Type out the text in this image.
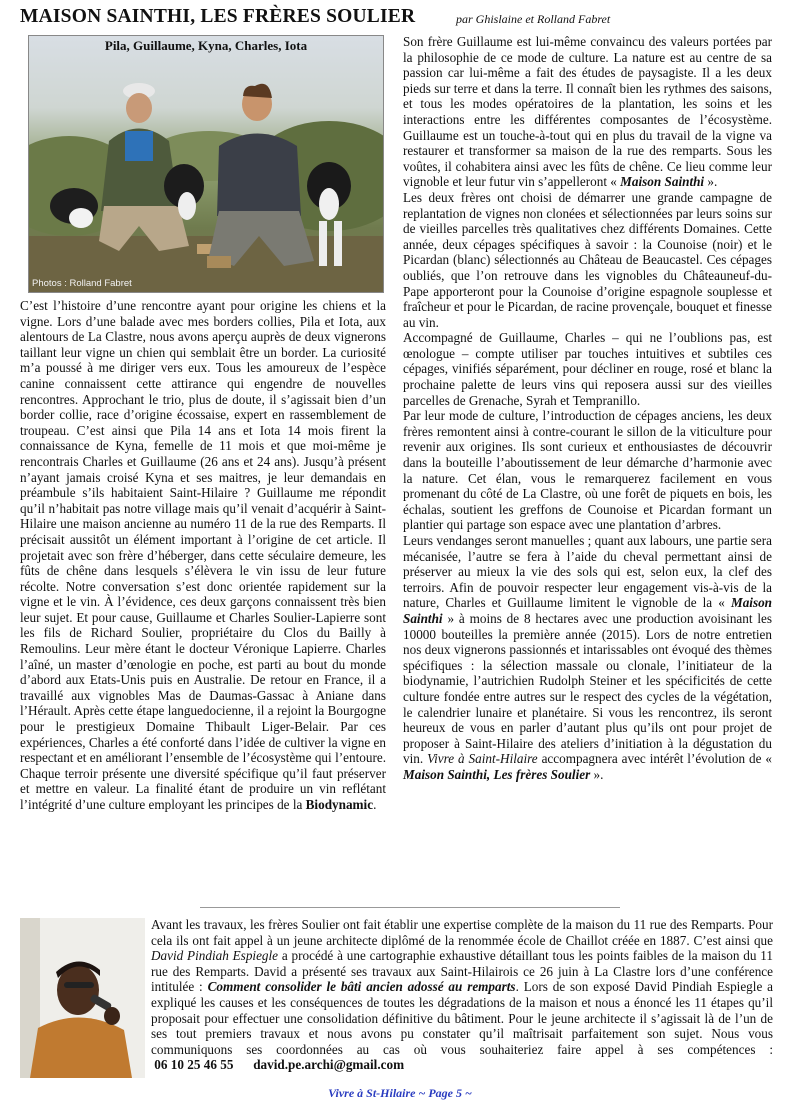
MAISON SAINTHI, LES FRÈRES SOULIER	par Ghislaine et Rolland Fabret
Pila, Guillaume, Kyna, Charles, Iota
Photos : Rolland Fabret

C’est l’histoire d’une rencontre ayant pour origine les chiens et la vigne. Lors d’une balade avec mes borders collies, Pila et Iota, aux alentours de La Clastre, nous avons aperçu auprès de deux vignerons taillant leur vigne un chien qui semblait être un border. La curiosité m’a poussé à me diriger vers eux. Tous les amoureux de l’espèce canine connaissent cette attirance qui engendre de nouvelles rencontres. Approchant le trio, plus de doute, il s’agissait bien d’un border collie, race d’origine écossaise, expert en rassemblement de troupeau. C’est ainsi que Pila 14 ans et Iota 14 mois firent la connaissance de Kyna, femelle de 11 mois et que moi-même je rencontrais Charles et Guillaume (26 ans et 24 ans). Jusqu’à présent n’ayant jamais croisé Kyna et ses maitres, je leur demandais en préambule s’ils habitaient Saint-Hilaire ? Guillaume me répondit qu’il n’habitait pas notre village mais qu’il venait d’acquérir à Saint-Hilaire une maison ancienne au numéro 11 de la rue des Remparts. Il précisait aussitôt un élément important à l’origine de cet article. Il projetait avec son frère d’héberger, dans cette séculaire demeure, les fûts de chêne dans lesquels s’élèvera le vin issu de leur future récolte. Notre conversation s’est donc orientée rapidement sur la vigne et le vin. À l’évidence, ces deux garçons connaissent très bien leur sujet. Et pour cause, Guillaume et Charles Soulier-Lapierre sont les fils de Richard Soulier, propriétaire du Clos du Bailly à Remoulins. Leur mère étant le docteur Véronique Lapierre. Charles l’aîné, un master d’œnologie en poche, est parti au bout du monde d’abord aux Etats-Unis puis en Australie. De retour en France, il a travaillé aux vignobles Mas de Daumas-Gassac à Aniane dans l’Hérault. Après cette étape languedocienne, il a rejoint la Bourgogne pour le prestigieux Domaine Thibault Liger-Belair. Par ces expériences, Charles a été conforté dans l’idée de cultiver la vigne en respectant et en améliorant l’ensemble de l’écosystème qui l’entoure. Chaque terroir présente une diversité spécifique qu’il faut préserver et mettre en valeur. La finalité étant de produire un vin reflétant l’intégrité d’une culture employant les principes de la Biodynamic.

Son frère Guillaume est lui-même convaincu des valeurs portées par la philosophie de ce mode de culture. La nature est au centre de sa passion car lui-même a fait des études de paysagiste. Il a les deux pieds sur terre et dans la terre. Il connaît bien les rythmes des saisons, et tous les modes opératoires de la plantation, les soins et les interactions entre les différentes composantes de l’écosystème. Guillaume est un touche-à-tout qui en plus du travail de la vigne va restaurer et transformer sa maison de la rue des remparts. Sous les voûtes, il cohabitera ainsi avec les fûts de chêne. Ce lieu comme leur vignoble et leur futur vin s’appelleront « Maison Sainthi ».

Les deux frères ont choisi de démarrer une grande campagne de replantation de vignes non clonées et sélectionnées par leurs soins sur de vieilles parcelles très qualitatives chez différents Domaines. Cette année, deux cépages spécifiques à savoir : la Counoise (noir) et le Picardan (blanc) sélectionnés au Château de Beaucastel. Ces cépages oubliés, que l’on retrouve dans les vignobles du Châteauneuf-du-Pape apporteront pour la Counoise d’origine espagnole souplesse et fraîcheur et pour le Picardan, de racine provençale, bouquet et finesse au vin.

Accompagné de Guillaume, Charles – qui ne l’oublions pas, est œnologue – compte utiliser par touches intuitives et subtiles ces cépages, vinifiés séparément, pour décliner en rouge, rosé et blanc la prochaine palette de leurs vins qui reposera aussi sur des vieilles parcelles de Grenache, Syrah et Tempranillo.

Par leur mode de culture, l’introduction de cépages anciens, les deux frères remontent ainsi à contre-courant le sillon de la viticulture pour revenir aux origines. Ils sont curieux et enthousiastes de découvrir dans la bouteille l’aboutissement de leur démarche d’harmonie avec la nature. Cet élan, vous le remarquerez facilement en vous promenant du côté de La Clastre, où une forêt de piquets en bois, les échalas, soutient les greffons de Counoise et Picardan formant un plantier qui partage son espace avec une plantation d’arbres.

Leurs vendanges seront manuelles ; quant aux labours, une partie sera mécanisée, l’autre se fera à l’aide du cheval permettant ainsi de préserver au mieux la vie des sols qui est, selon eux, la clef des terroirs. Afin de pouvoir respecter leur engagement vis-à-vis de la nature, Charles et Guillaume limitent le vignoble de la « Maison Sainthi » à moins de 8 hectares avec une production avoisinant les 10000 bouteilles la première année (2015). Lors de notre entretien nos deux vignerons passionnés et intarissables ont évoqué des thèmes spécifiques : la sélection massale ou clonale, l’initiateur de la biodynamie, l’autrichien Rudolph Steiner et les spécificités de cette culture fondée entre autres sur le respect des cycles de la végétation, le calendrier lunaire et planétaire. Si vous les rencontrez, ils seront heureux de vous en parler d’autant plus qu’ils ont pour projet de proposer à Saint-Hilaire des ateliers d’initiation à la dégustation du vin. Vivre à Saint-Hilaire accompagnera avec intérêt l’évolution de « Maison Sainthi, Les frères Soulier ».

Avant les travaux, les frères Soulier ont fait établir une expertise complète de la maison du 11 rue des Remparts. Pour cela ils ont fait appel à un jeune architecte diplômé de la renommée école de Chaillot créée en 1887. C’est ainsi que David Pindiah Espiegle a procédé à une cartographie exhaustive détaillant tous les points faibles de la maison du 11 rue des Remparts. David a présenté ses travaux aux Saint-Hilairois ce 26 juin à La Clastre lors d’une conférence intitulée : Comment consolider le bâti ancien adossé au remparts. Lors de son exposé David Pindiah Espiegle a expliqué les causes et les conséquences de toutes les dégradations de la maison et nous a énoncé les 11 étapes qu’il proposait pour effectuer une consolidation définitive du bâtiment. Pour le jeune architecte il s’agissait là de l’un de ses tout premiers travaux et nous avons pu constater qu’il maîtrisait parfaitement son sujet. Nous vous communiquons ses coordonnées au cas où vous souhaiteriez faire appel à ses compétences :  06 10 25 46 55 david.pe.archi@gmail.com
Vivre à St-Hilaire ~ Page 5 ~
